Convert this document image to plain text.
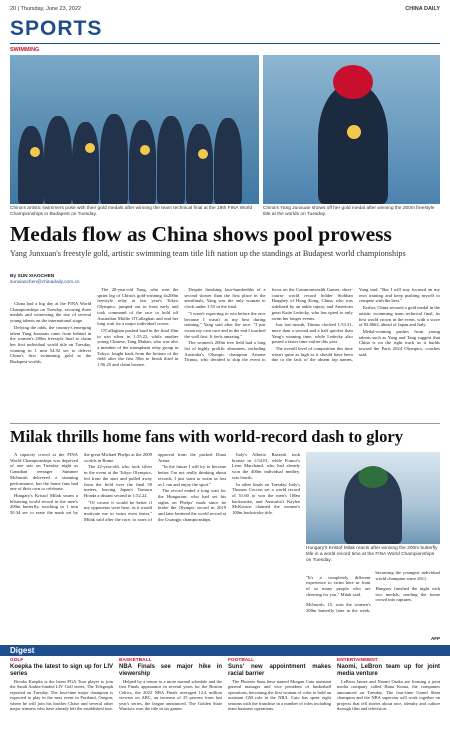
20 | Thursday, June 23, 2022	CHINA DAILY
SPORTS
SWIMMING
China's artistic swimmers pose with their gold medals after winning the team technical final at the 19th FINA World Championships in Budapest on Tuesday.
China's Yang Junxuan shows off her gold medal after winning the 200m freestyle title at the worlds on Tuesday.
Medals flow as China shows pool prowess
Yang Junxuan's freestyle gold, artistic swimming team title lift nation up the standings at Budapest world championships
By SUN XIAOCHEN
sunxiaochen@chinadaily.com.cn

China had a big day at the FINA World Championships on Tuesday, securing three medals and witnessing the rise of several young talents on the international stage.

Defying the odds, the country's emerging talent Yang Junxuan came from behind in the women's 200m freestyle final to claim her first individual world title on Tuesday, winning in 1 min 54.92 sec to deliver China's first swimming gold at the Budapest worlds.

The 20-year-old Yang, who won the sprint leg of China's gold-winning 4x200m freestyle relay at last year's Tokyo Olympics, jumped out in front early and took command of the race to hold off Australian Mollie O'Callaghan and end her long wait for a major individual crown.

O'Callaghan pushed hard in the final 20m to win silver in 1:55.22, while another young Chinese, Tang Muhan, who was also a member of the triumphant relay group in Tokyo, fought back from the bottom of the field after the first 50m to finish third in 1:56.25 and claim bronze.

Despite finishing four-hundredths of a second slower than the first place in the semifinals, Yang was the only woman to clock under 1:55 in the final.

"I wasn't expecting to win before the race because I wasn't at my best during training," Yang said after the race. "I just swam my own race and in the end I touched the wall first. It feels amazing."

The women's 200m free field had a long list of highly prolific absentees, including Australia's Olympic champion Ariarne Titmus, who decided to skip the event to focus on the Commonwealth Games, short-course world record holder Siobhan Haughey of Hong Kong, China, who was sidelined by an ankle injury, and American great Katie Ledecky, who has opted to only swim her longer events.

Just last month, Titmus clocked 1:53.31, more than a second and a half quicker than Yang's winning time, while Ledecky also posted a faster time earlier this year.

The overall level of competition this time wasn't quite as high as it should have been due to the lack of the absent top names, Yang said. "But I will stay focused on my own training and keep pushing myself to compete with the best."

Earlier, China secured a gold medal in the artistic swimming team technical final, its first world crown in the event, with a score of 92.8662, ahead of Japan and Italy.

Medal-winning pushes from young talents such as Yang and Tang suggest that China is on the right track as it builds toward the Paris 2024 Olympics, coaches said.

Milak thrills home fans with world-record dash to glory

A capacity crowd at the FINA World Championships was deprived of one star on Tuesday night as Canadian teenager Summer McIntosh delivered a stunning performance, but the home fans had one of their own to celebrate.

Hungary's Kristof Milak swam a blistering world record in the men's 200m butterfly, touching in 1 min 50.34 sec to erase the mark set by the great Michael Phelps at the 2009 worlds in Rome.

The 22-year-old, who took silver in the event at the Tokyo Olympics, led from the start and pulled away from the field over the final 50 meters, leaving Japan's Tomoru Honda a distant second in 1:52.22.

"Of course it would be better if my opponents were here, as it would motivate me to swim even faster," Milak said after the race, to roars of approval from the packed Duna Arena.

"In the future I will try to become better. I'm not really thinking about records, I just want to swim as fast as I can and enjoy the sport."

The record ended a long wait for the Hungarian, who had set his sights on Phelps' mark since he broke the Olympic record in 2019 and later bettered the world record at the Gwangju championships.

Italy's Alberto Razzetti took bronze in 1:54.01, while France's Leon Marchand, who had already won the 400m individual medley, was fourth.

In other finals on Tuesday, Italy's Thomas Ceccon set a world record of 51.60 to win the men's 100m backstroke, and Australia's Kaylee McKeown claimed the women's 100m backstroke title.

Hungary's Kristof Milak reacts after winning the 200m butterfly title in a world record time at the FINA World Championships on Tuesday.

"It's a completely different experience to swim here in front of so many people who are cheering for you," Milak said.

McIntosh, 15, won the women's 200m butterfly later in the week, becoming the youngest individual world champion since 2011.

Hungary finished the night with two medals, sending the home crowd into raptures.

AFP
Digest
GOLF
Koepka the latest to sign up for LIV series

Brooks Koepka is the latest PGA Tour player to join the Saudi Arabia-funded LIV Golf series, The Telegraph reported on Tuesday. The four-time major champion is expected to play in the next event in Portland, Oregon, where he will join his brother Chase and several other major winners who have already left the established tour.

BASKETBALL
NBA Finals see major hike in viewership

Helped by a return to a more normal schedule and the first Finals appearance in several years for the Boston Celtics, the 2022 NBA Finals averaged 12.4 million viewers on ABC, an increase of 25 percent from last year's series, the league announced. The Golden State Warriors won the title in six games.

FOOTBALL
Suns' new appointment makes racial barrier

The Phoenix Suns have named Morgan Cato assistant general manager and vice president of basketball operations, becoming the first woman of color to hold an assistant GM role in the NBA. Cato has spent eight seasons with the franchise in a number of roles including team business operations.

ENTERTAINMENT
Naomi, LeBron team up for joint media venture

LeBron James and Naomi Osaka are forming a joint media company called Hana Kuma, the companies announced on Tuesday. The four-time Grand Slam champion and the NBA superstar will work together on projects that tell stories about race, identity and culture through film and television.
